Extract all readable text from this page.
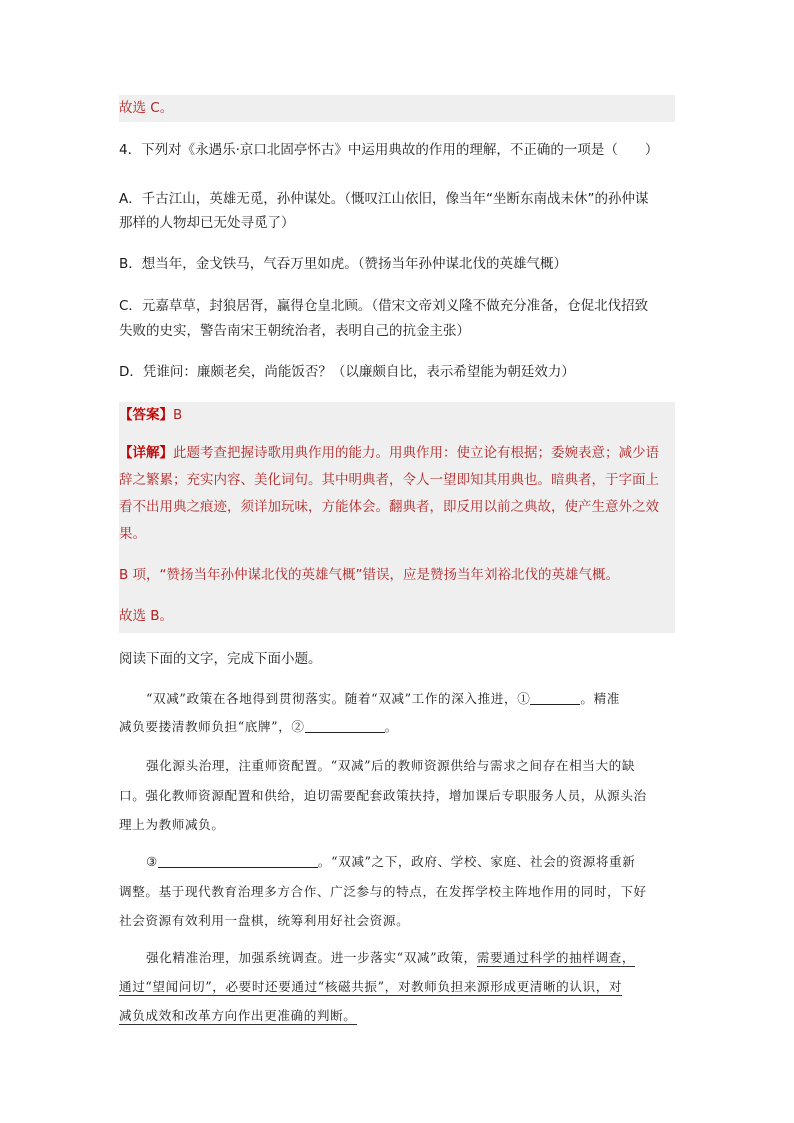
故选 C。

4．下列对《永遇乐·京口北固亭怀古》中运用典故的作用的理解，不正确的一项是（　　）

A．千古江山，英雄无觅，孙仲谋处。（慨叹江山依旧，像当年“坐断东南战未休”的孙仲谋

那样的人物却已无处寻觅了）

B．想当年，金戈铁马，气吞万里如虎。（赞扬当年孙仲谋北伐的英雄气概）

C．元嘉草草，封狼居胥，赢得仓皇北顾。（借宋文帝刘义隆不做充分准备，仓促北伐招致

失败的史实，警告南宋王朝统治者，表明自己的抗金主张）

D．凭谁问：廉颇老矣，尚能饭否？（以廉颇自比，表示希望能为朝廷效力）

【答案】B

【详解】此题考查把握诗歌用典作用的能力。用典作用：使立论有根据；委婉表意；减少语

辞之繁累；充实内容、美化词句。其中明典者，令人一望即知其用典也。暗典者，于字面上

看不出用典之痕迹，须详加玩味，方能体会。翻典者，即反用以前之典故，使产生意外之效

果。

B 项，“赞扬当年孙仲谋北伐的英雄气概”错误，应是赞扬当年刘裕北伐的英雄气概。

故选 B。

阅读下面的文字，完成下面小题。

“双减”政策在各地得到贯彻落实。随着“双减”工作的深入推进，①	。精准

减负要搂清教师负担“底牌”，②	。

强化源头治理，注重师资配置。“双减”后的教师资源供给与需求之间存在相当大的缺

口。强化教师资源配置和供给，迫切需要配套政策扶持，增加课后专职服务人员，从源头治

理上为教师减负。

③	。“双减”之下，政府、学校、家庭、社会的资源将重新

调整。基于现代教育治理多方合作、广泛参与的特点，在发挥学校主阵地作用的同时，下好

社会资源有效利用一盘棋，统筹利用好社会资源。

强化精准治理，加强系统调查。进一步落实“双减”政策，需要通过科学的抽样调查，

通过“望闻问切”，必要时还要通过“核磁共振”，对教师负担来源形成更清晰的认识，对

减负成效和改革方向作出更准确的判断。
